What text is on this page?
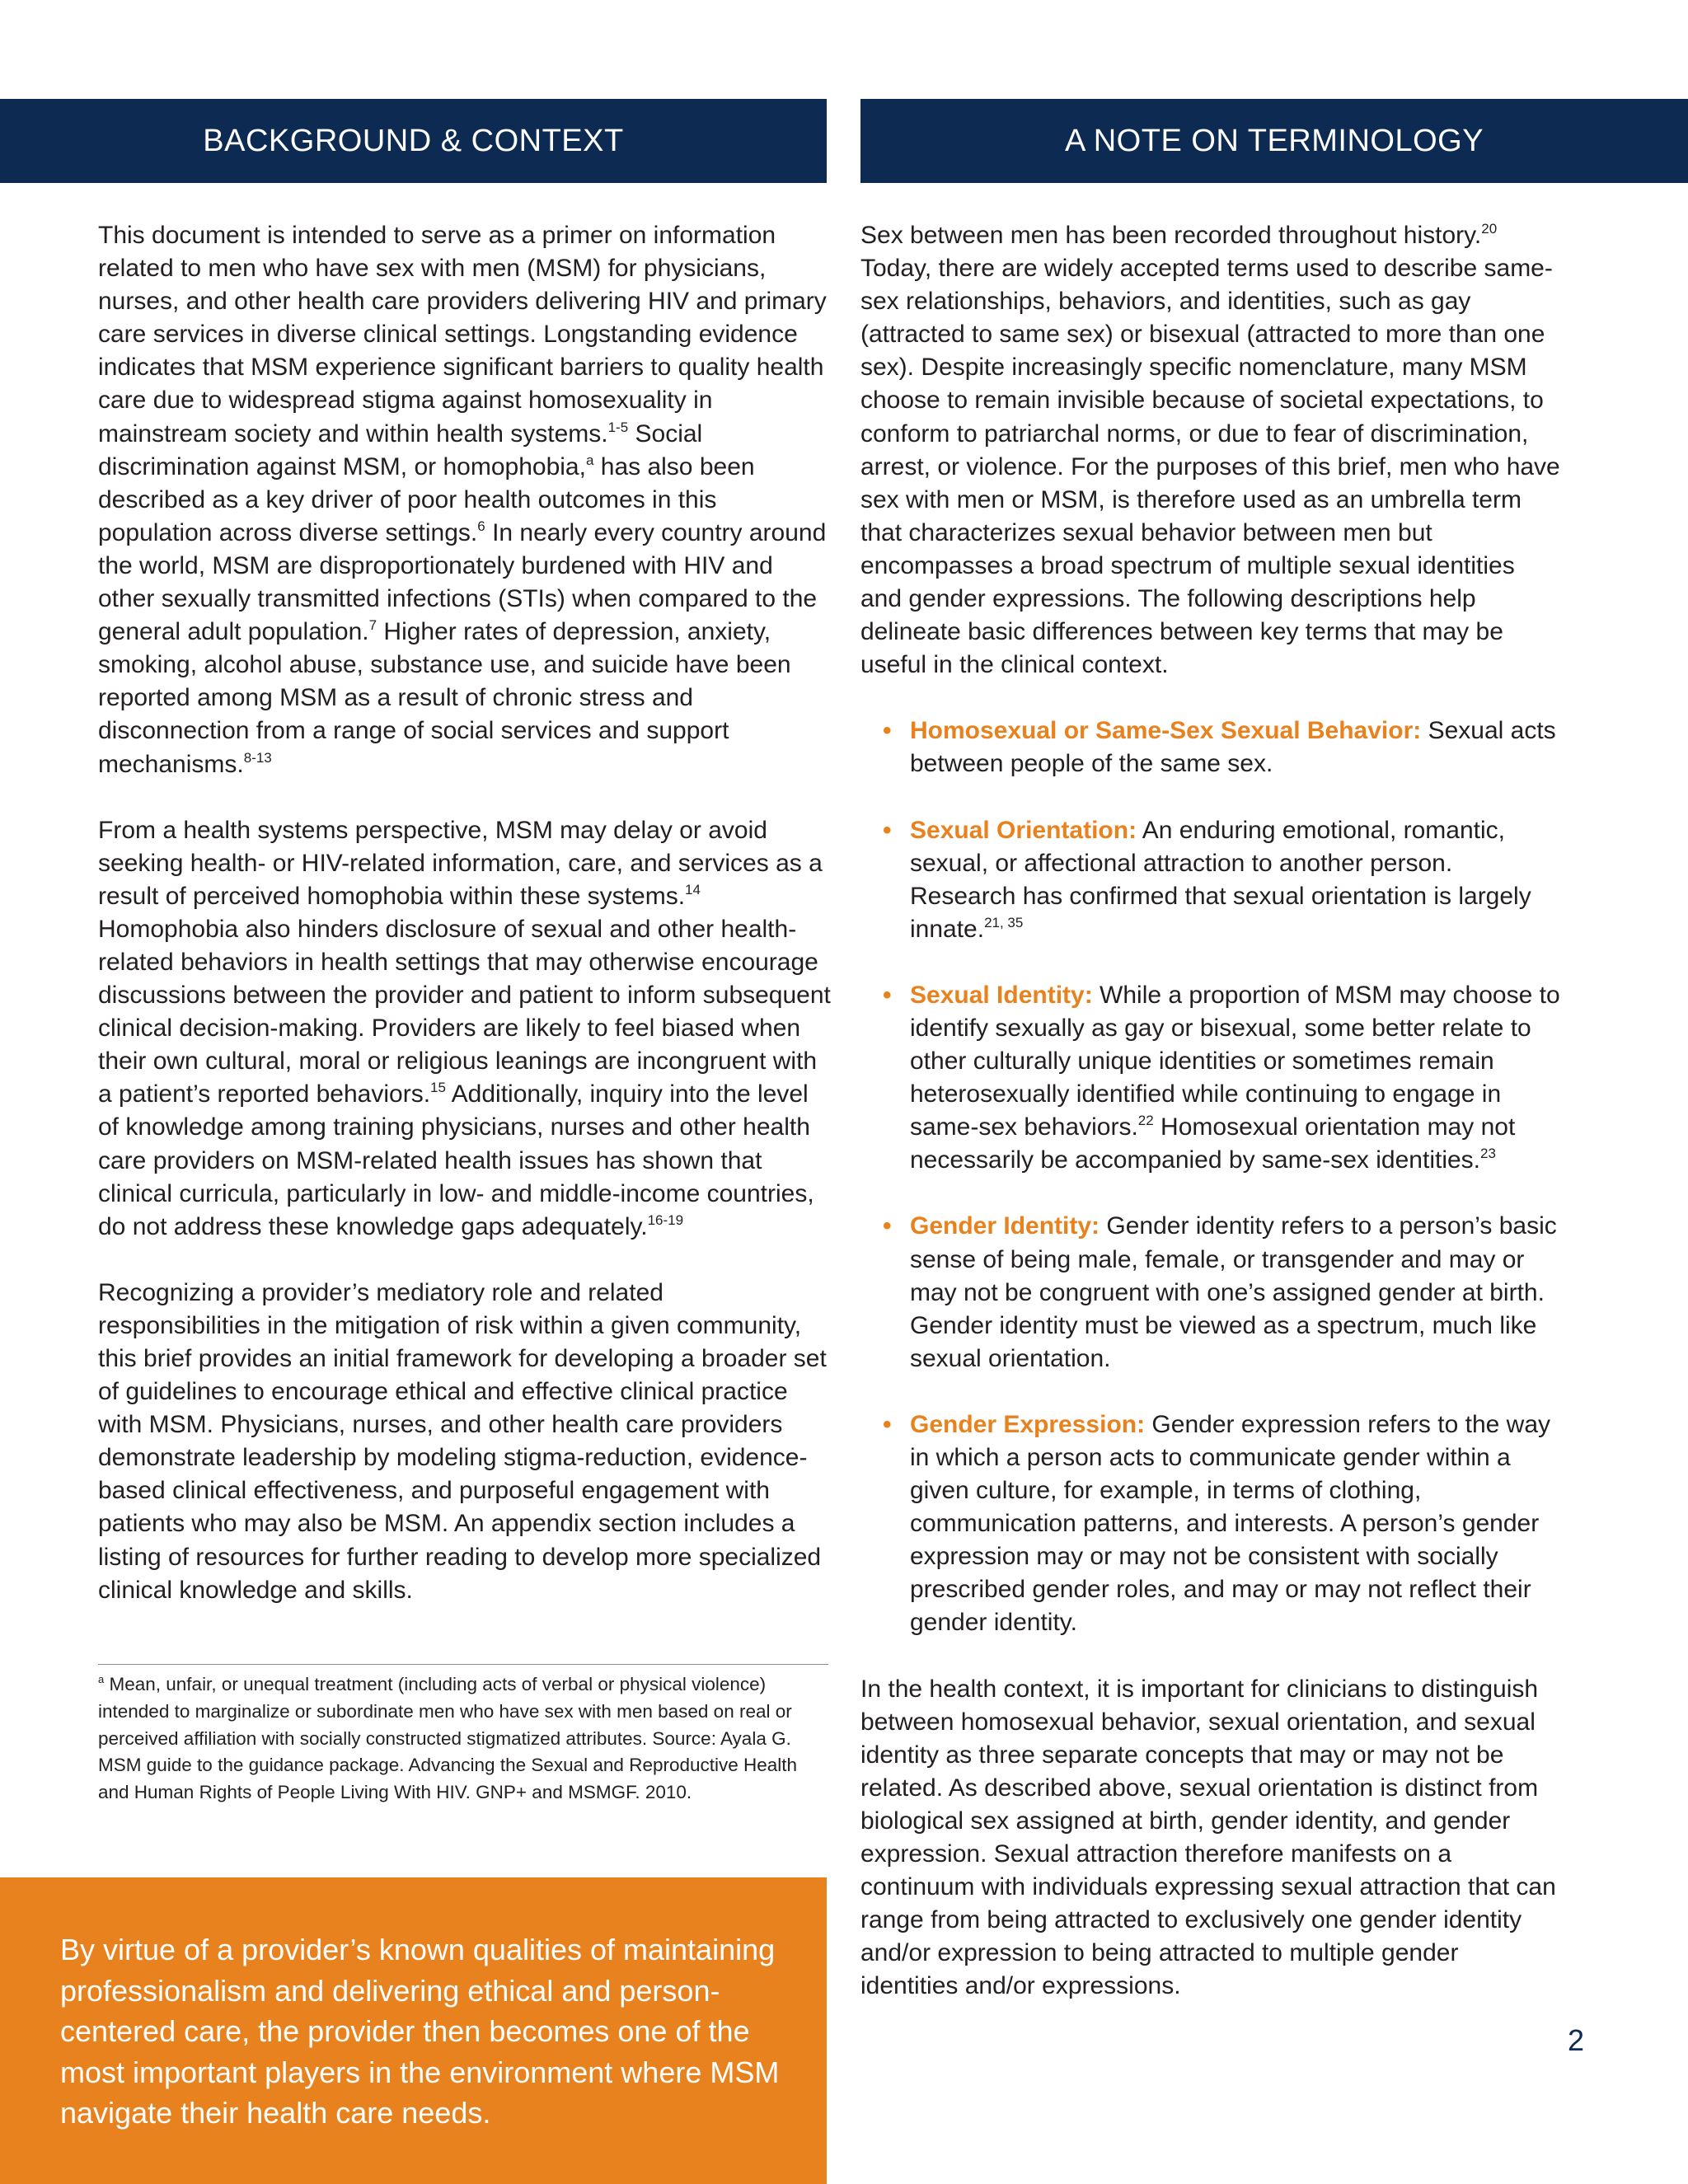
BACKGROUND & CONTEXT	A NOTE ON TERMINOLOGY

This document is intended to serve as a primer on information related to men who have sex with men (MSM) for physicians, nurses, and other health care providers delivering HIV and primary care services in diverse clinical settings. Longstanding evidence indicates that MSM experience significant barriers to quality health care due to widespread stigma against homosexuality in mainstream society and within health systems.$^{1-5}$ Social discrimination against MSM, or homophobia,$^a$ has also been described as a key driver of poor health outcomes in this population across diverse settings.$^6$ In nearly every country around the world, MSM are disproportionately burdened with HIV and other sexually transmitted infections (STIs) when compared to the general adult population.$^7$ Higher rates of depression, anxiety, smoking, alcohol abuse, substance use, and suicide have been reported among MSM as a result of chronic stress and disconnection from a range of social services and support mechanisms.$^{8-13}$

From a health systems perspective, MSM may delay or avoid seeking health- or HIV-related information, care, and services as a result of perceived homophobia within these systems.$^{14}$ Homophobia also hinders disclosure of sexual and other health-related behaviors in health settings that may otherwise encourage discussions between the provider and patient to inform subsequent clinical decision-making. Providers are likely to feel biased when their own cultural, moral or religious leanings are incongruent with a patient’s reported behaviors.$^{15}$ Additionally, inquiry into the level of knowledge among training physicians, nurses and other health care providers on MSM-related health issues has shown that clinical curricula, particularly in low- and middle-income countries, do not address these knowledge gaps adequately.$^{16-19}$

Recognizing a provider’s mediatory role and related responsibilities in the mitigation of risk within a given community, this brief provides an initial framework for developing a broader set of guidelines to encourage ethical and effective clinical practice with MSM. Physicians, nurses, and other health care providers demonstrate leadership by modeling stigma-reduction, evidence-based clinical effectiveness, and purposeful engagement with patients who may also be MSM. An appendix section includes a listing of resources for further reading to develop more specialized clinical knowledge and skills.

$^a$ Mean, unfair, or unequal treatment (including acts of verbal or physical violence) intended to marginalize or subordinate men who have sex with men based on real or perceived affiliation with socially constructed stigmatized attributes. Source: Ayala G. MSM guide to the guidance package. Advancing the Sexual and Reproductive Health and Human Rights of People Living With HIV. GNP+ and MSMGF. 2010.

By virtue of a provider’s known qualities of maintaining professionalism and delivering ethical and person-centered care, the provider then becomes one of the most important players in the environment where MSM navigate their health care needs.

Sex between men has been recorded throughout history.$^{20}$ Today, there are widely accepted terms used to describe same-sex relationships, behaviors, and identities, such as gay (attracted to same sex) or bisexual (attracted to more than one sex). Despite increasingly specific nomenclature, many MSM choose to remain invisible because of societal expectations, to conform to patriarchal norms, or due to fear of discrimination, arrest, or violence. For the purposes of this brief, men who have sex with men or MSM, is therefore used as an umbrella term that characterizes sexual behavior between men but encompasses a broad spectrum of multiple sexual identities and gender expressions. The following descriptions help delineate basic differences between key terms that may be useful in the clinical context.

• Homosexual or Same-Sex Sexual Behavior: Sexual acts between people of the same sex.
• Sexual Orientation: An enduring emotional, romantic, sexual, or affectional attraction to another person. Research has confirmed that sexual orientation is largely innate.$^{21, 35}$
• Sexual Identity: While a proportion of MSM may choose to identify sexually as gay or bisexual, some better relate to other culturally unique identities or sometimes remain heterosexually identified while continuing to engage in same-sex behaviors.$^{22}$ Homosexual orientation may not necessarily be accompanied by same-sex identities.$^{23}$
• Gender Identity: Gender identity refers to a person’s basic sense of being male, female, or transgender and may or may not be congruent with one’s assigned gender at birth. Gender identity must be viewed as a spectrum, much like sexual orientation.
• Gender Expression: Gender expression refers to the way in which a person acts to communicate gender within a given culture, for example, in terms of clothing, communication patterns, and interests. A person’s gender expression may or may not be consistent with socially prescribed gender roles, and may or may not reflect their gender identity.

In the health context, it is important for clinicians to distinguish between homosexual behavior, sexual orientation, and sexual identity as three separate concepts that may or may not be related. As described above, sexual orientation is distinct from biological sex assigned at birth, gender identity, and gender expression. Sexual attraction therefore manifests on a continuum with individuals expressing sexual attraction that can range from being attracted to exclusively one gender identity and/or expression to being attracted to multiple gender identities and/or expressions.

2
